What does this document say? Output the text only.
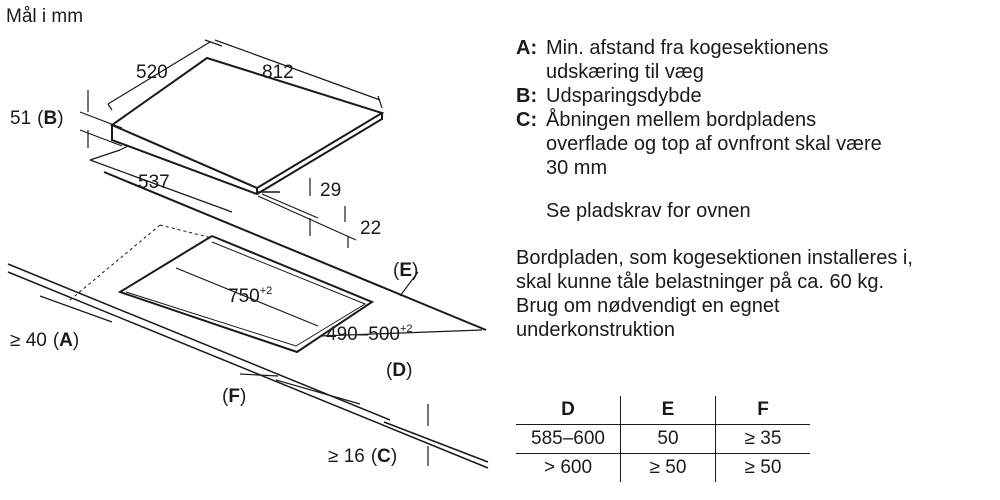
Mål i mm
520	812
51 (B)
537	29
22
(E)
$750^{+2}$
$490-500^{+2}$
≥ 40 (A)
(D)
(F)
≥ 16 (C)
A: Min. afstand fra kogesektionens
udskæring til væg
B: Udsparingsdybde
C: Åbningen mellem bordpladens
overflade og top af ovnfront skal være
30 mm
Se pladskrav for ovnen
Bordpladen, som kogesektionen installeres i,
skal kunne tåle belastninger på ca. 60 kg.
Brug om nødvendigt en egnet
underkonstruktion
D	E	F
585–600	50	≥ 35
> 600	≥ 50	≥ 50
